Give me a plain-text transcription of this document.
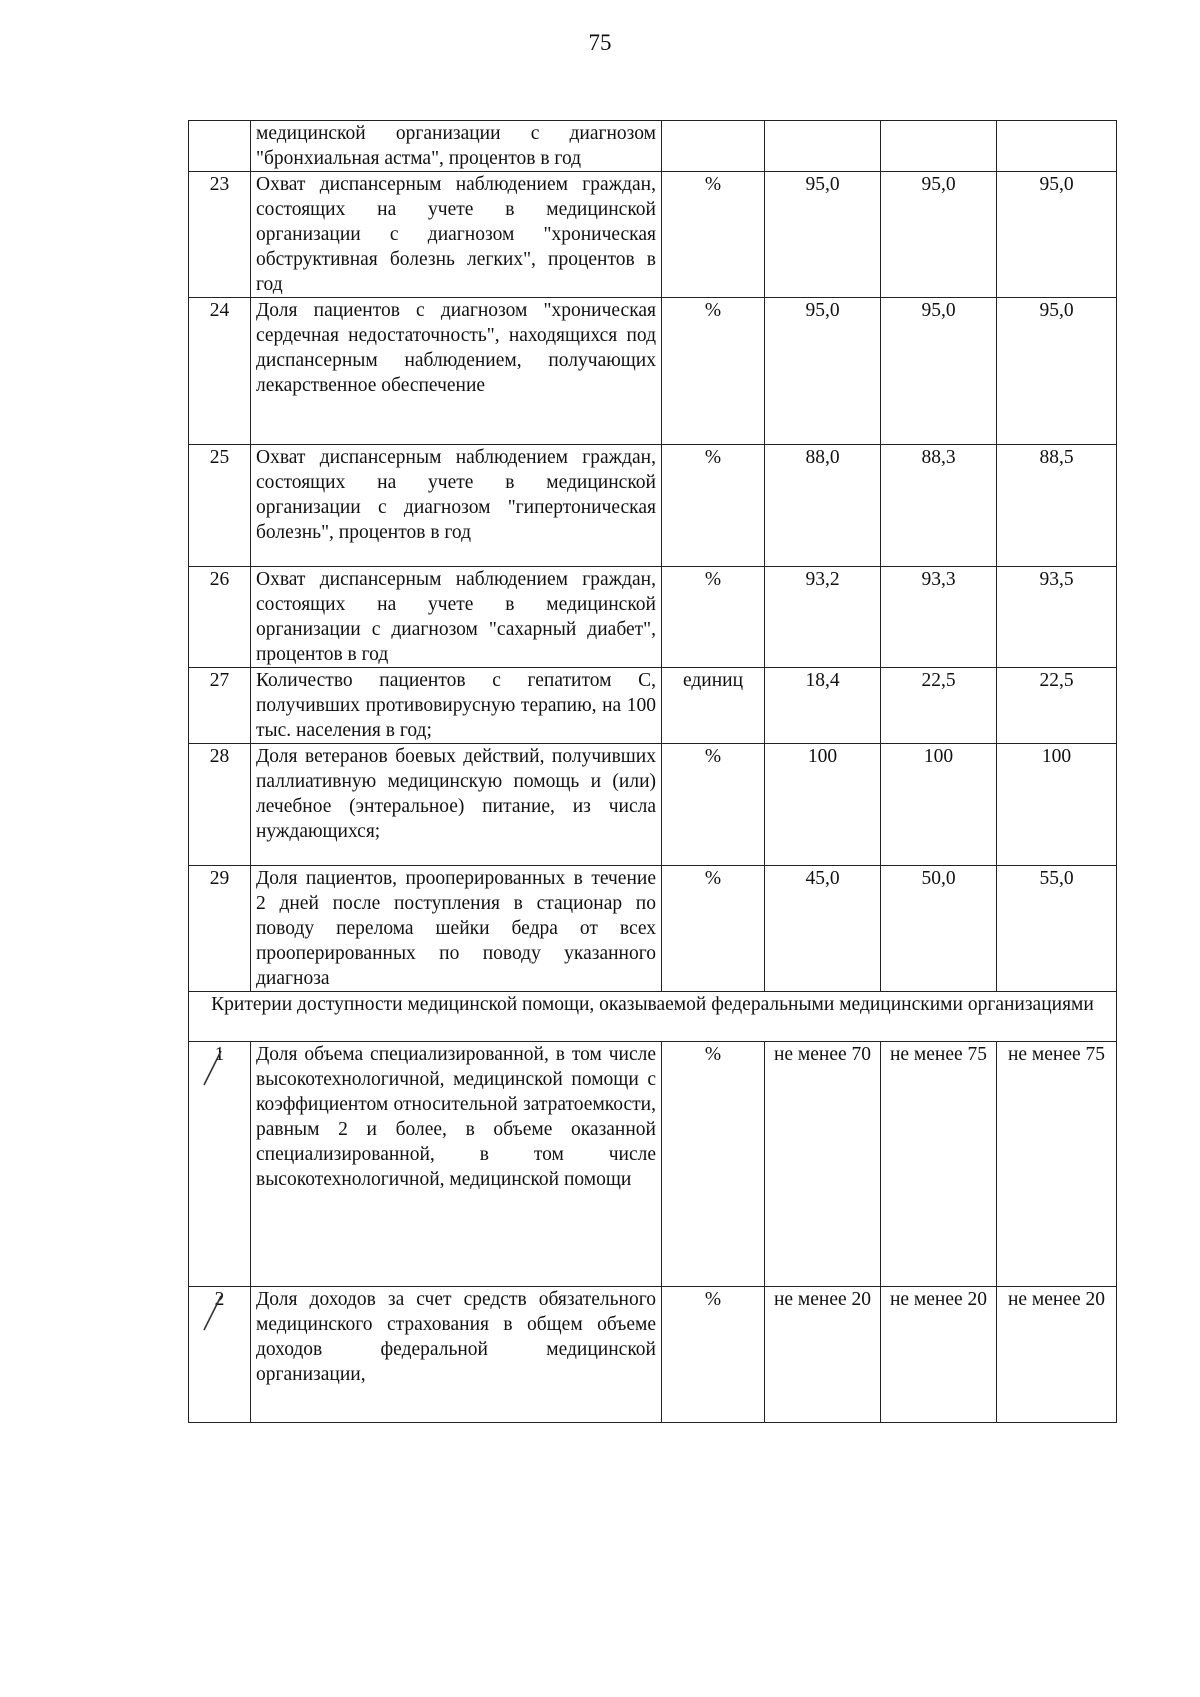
75
	медицинской организации с диагнозом "бронхиальная астма", процентов в год				
23	Охват диспансерным наблюдением граждан, состоящих на учете в медицинской организации с диагнозом "хроническая обструктивная болезнь легких", процентов в год	%	95,0	95,0	95,0
24	Доля пациентов с диагнозом "хроническая сердечная недостаточность", находящихся под диспансерным наблюдением, получающих лекарственное обеспечение	%	95,0	95,0	95,0
25	Охват диспансерным наблюдением граждан, состоящих на учете в медицинской организации с диагнозом "гипертоническая болезнь", процентов в год	%	88,0	88,3	88,5
26	Охват диспансерным наблюдением граждан, состоящих на учете в медицинской организации с диагнозом "сахарный диабет", процентов в год	%	93,2	93,3	93,5
27	Количество пациентов с гепатитом С, получивших противовирусную терапию, на 100 тыс. населения в год;	единиц	18,4	22,5	22,5
28	Доля ветеранов боевых действий, получивших паллиативную медицинскую помощь и (или) лечебное (энтеральное) питание, из числа нуждающихся;	%	100	100	100
29	Доля пациентов, прооперированных в течение 2 дней после поступления в стационар по поводу перелома шейки бедра от всех прооперированных по поводу указанного диагноза	%	45,0	50,0	55,0
Критерии доступности медицинской помощи, оказываемой федеральными медицинскими организациями					
1	Доля объема специализированной, в том числе высокотехнологичной, медицинской помощи с коэффициентом относительной затратоемкости, равным 2 и более, в объеме оказанной специализированной, в том числе высокотехнологичной, медицинской помощи	%	не менее 70	не менее 75	не менее 75
2	Доля доходов за счет средств обязательного медицинского страхования в общем объеме доходов федеральной медицинской организации,	%	не менее 20	не менее 20	не менее 20
